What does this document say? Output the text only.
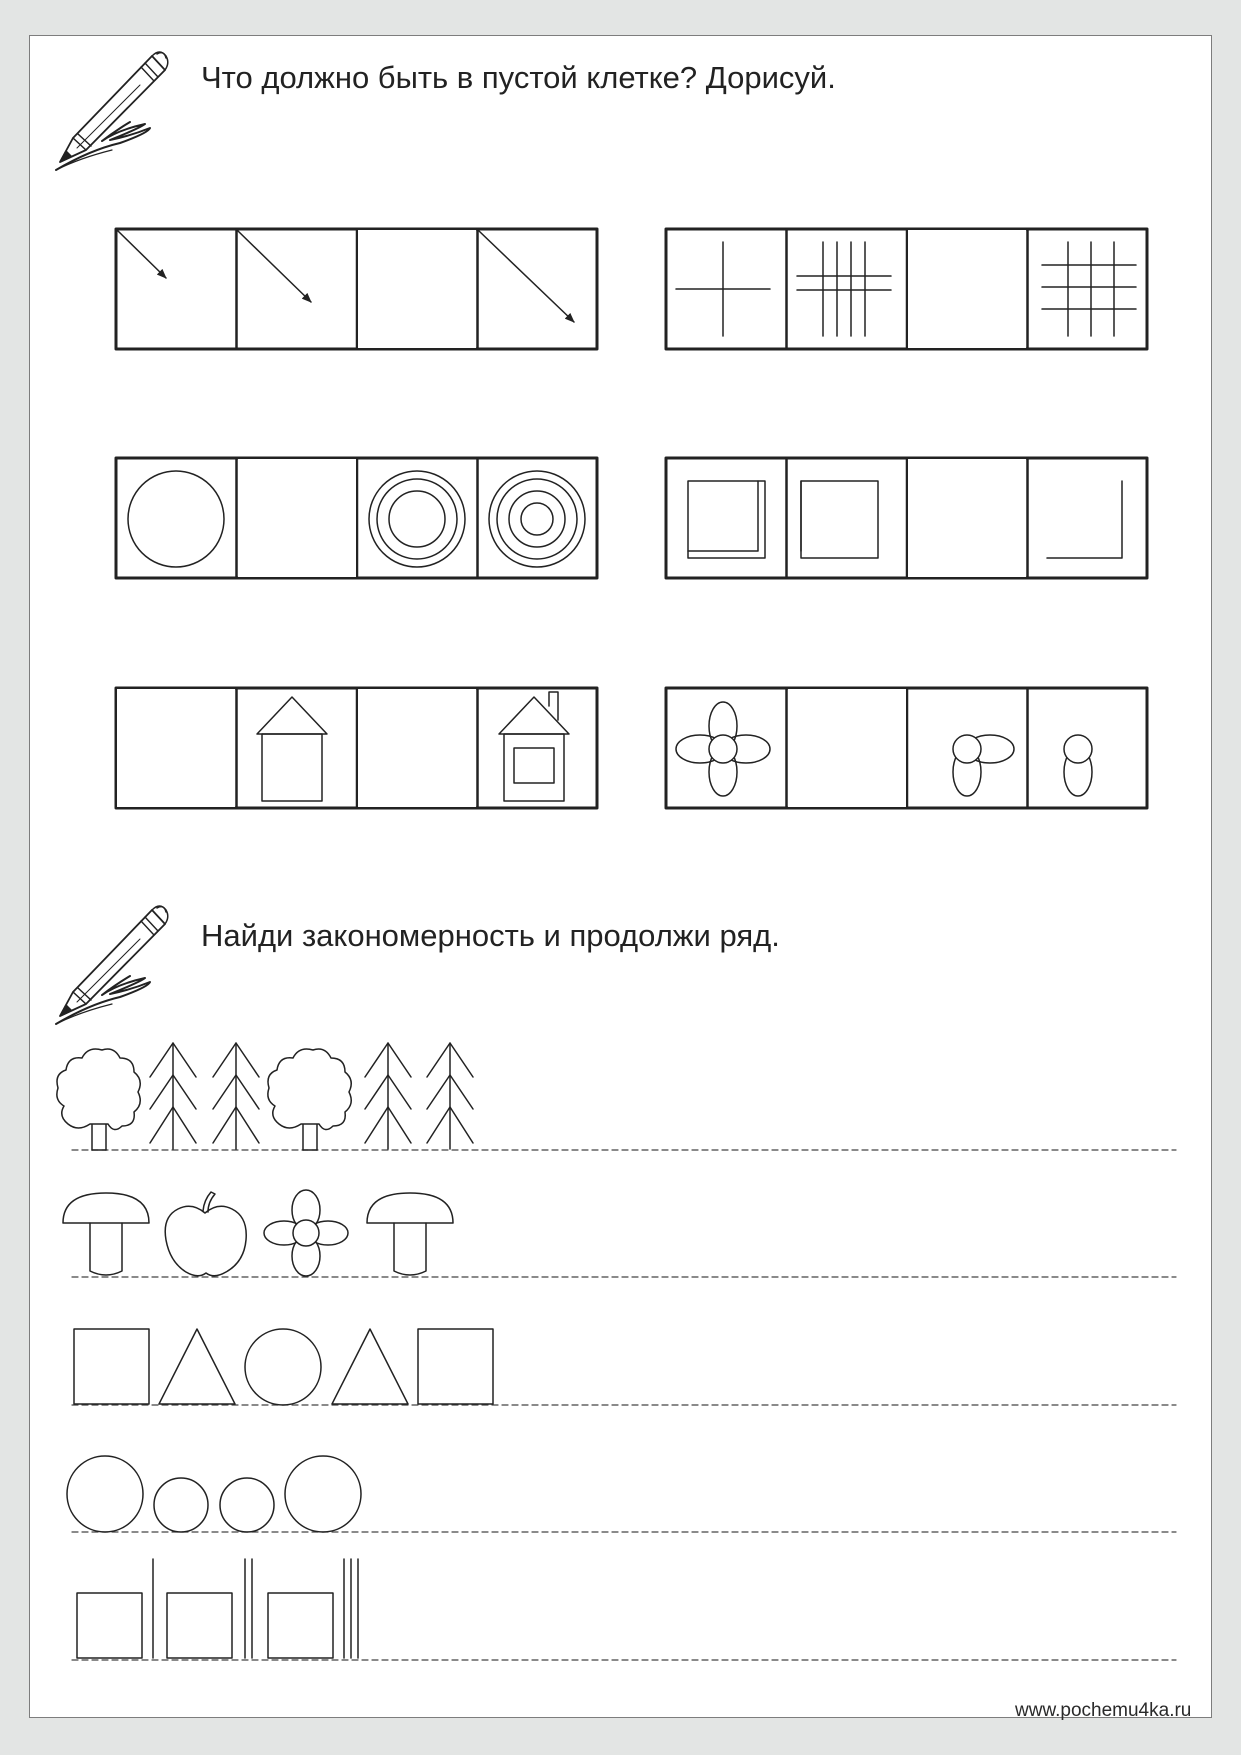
Что должно быть в пустой клетке? Дорисуй.
Найди закономерность и продолжи ряд.
www.pochemu4ka.ru
